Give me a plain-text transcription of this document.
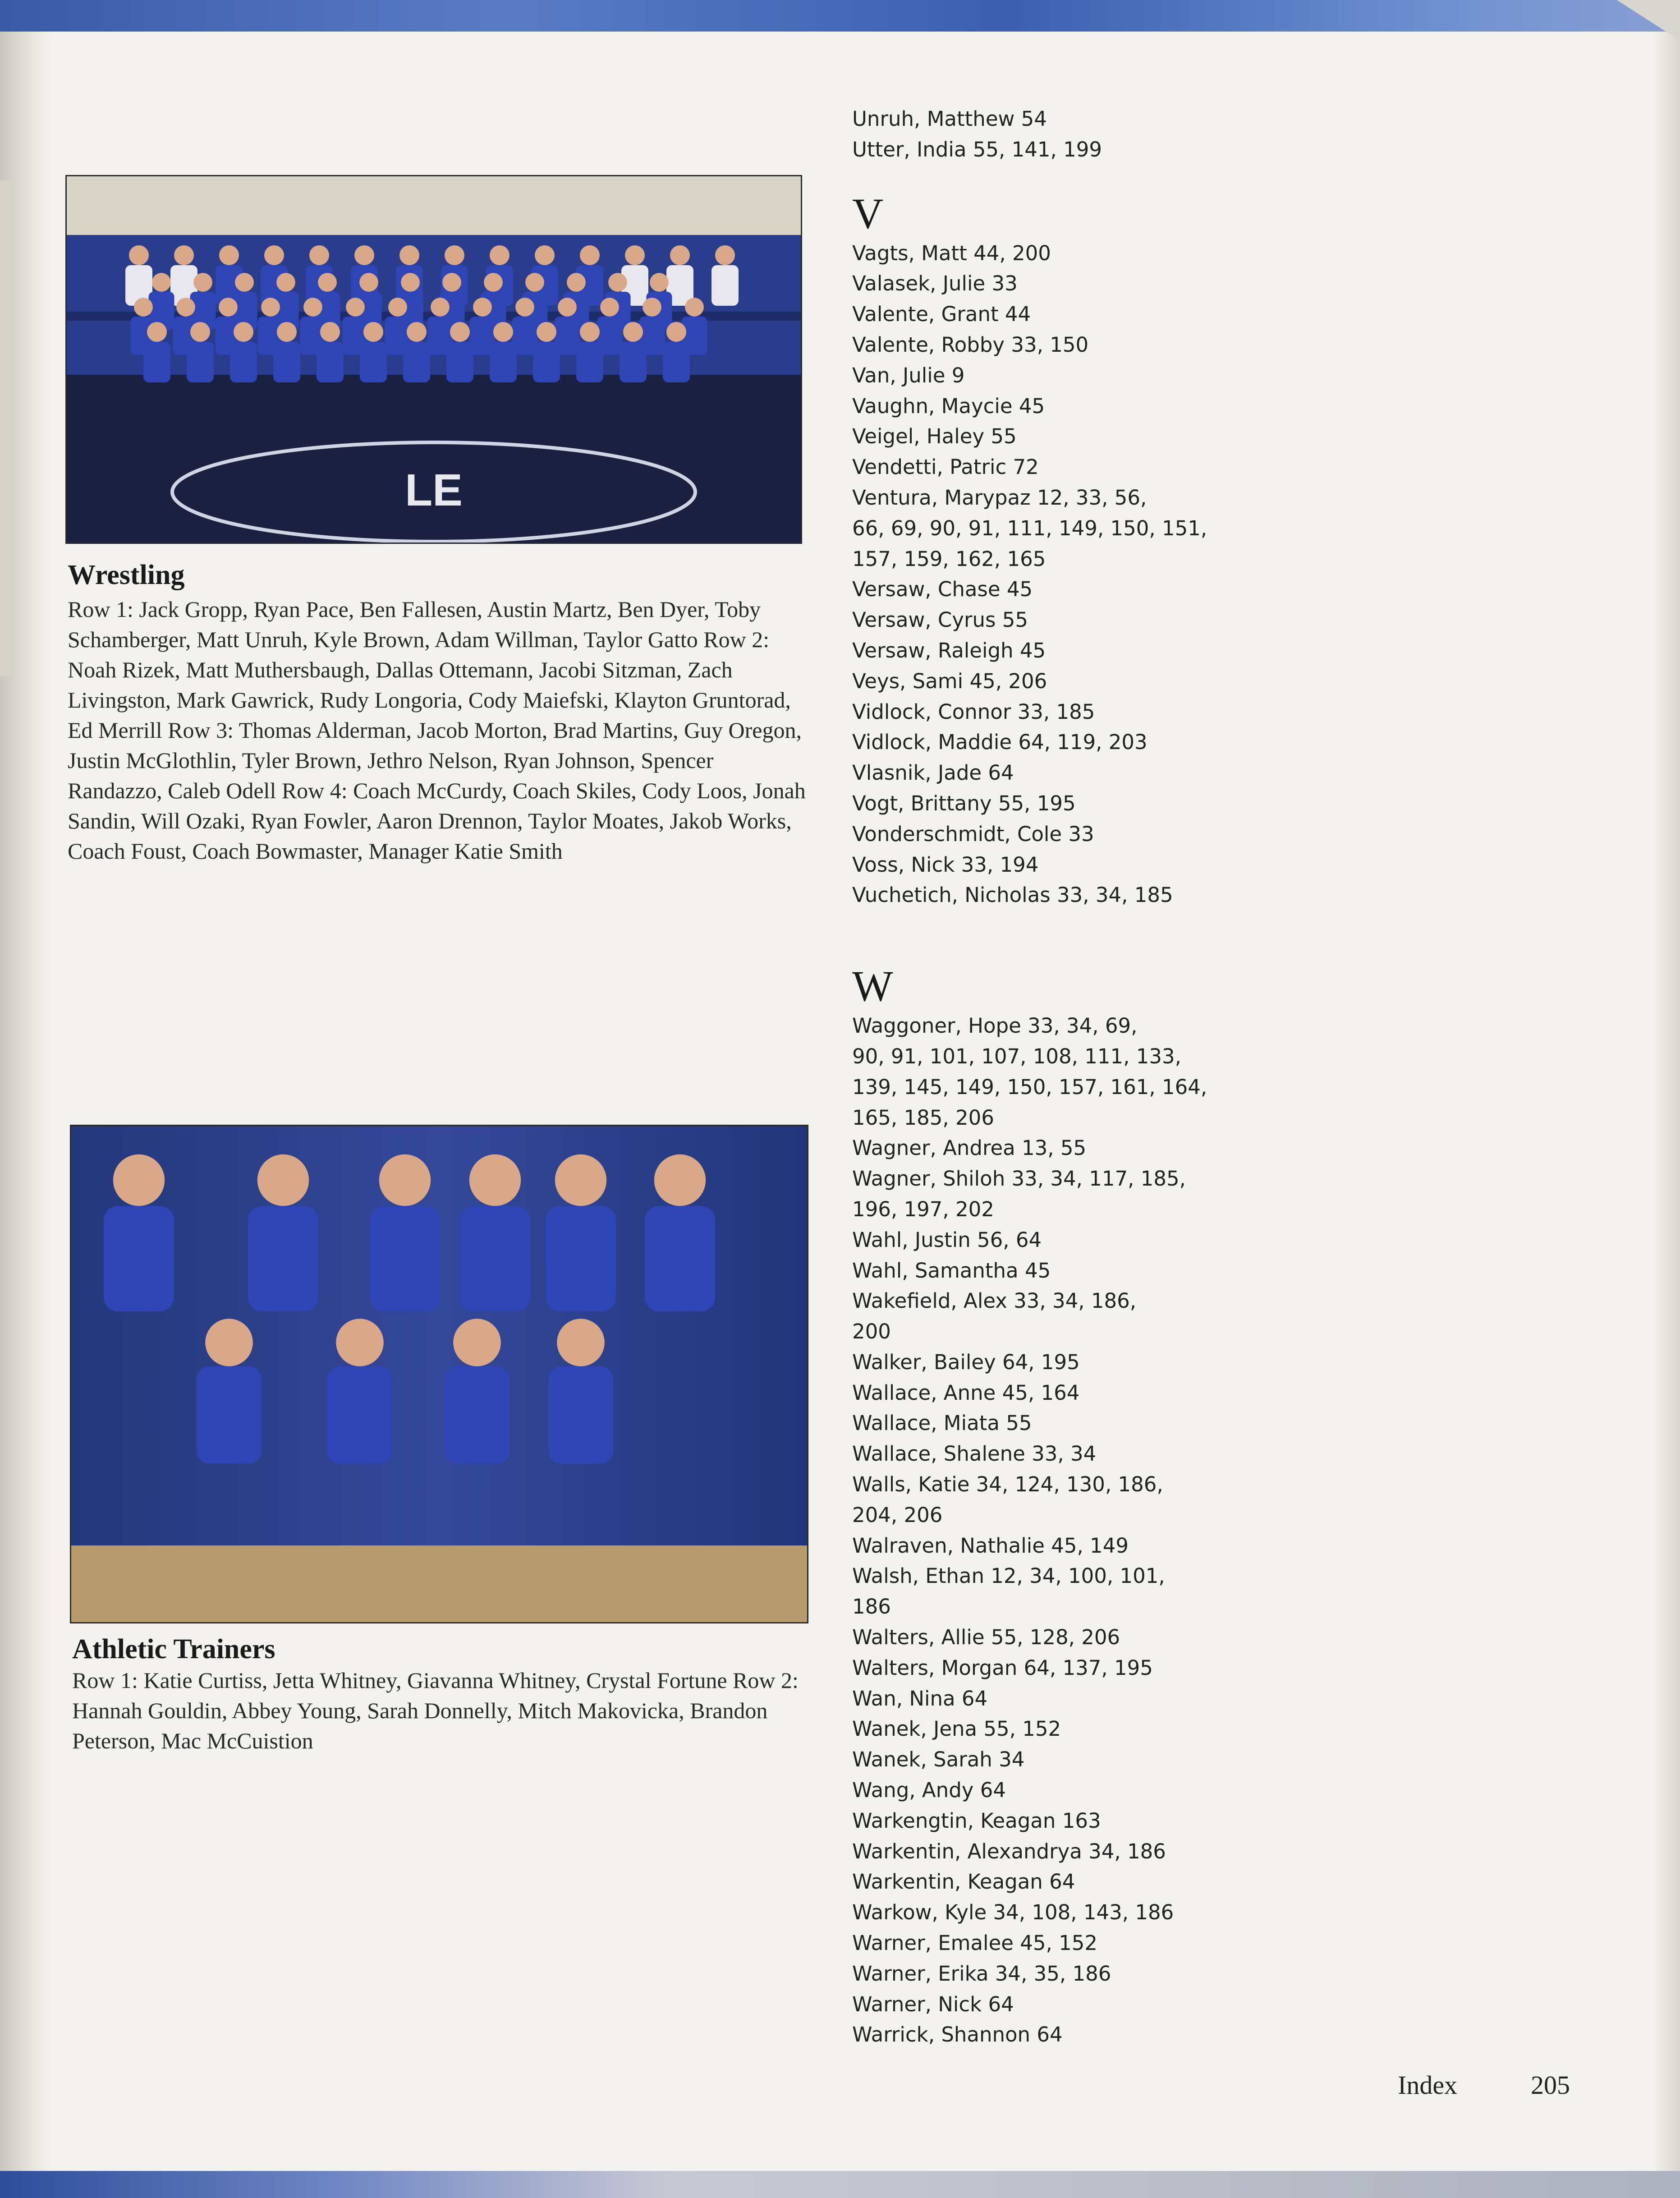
LE
Wrestling
Row 1: Jack Gropp, Ryan Pace, Ben Fallesen, Austin Martz, Ben Dyer, Toby Schamberger, Matt Unruh, Kyle Brown, Adam Willman, Taylor Gatto Row 2: Noah Rizek, Matt Muthersbaugh, Dallas Ottemann, Jacobi Sitzman, Zach Livingston, Mark Gawrick, Rudy Longoria, Cody Maiefski, Klayton Gruntorad, Ed Merrill Row 3: Thomas Alderman, Jacob Morton, Brad Martins, Guy Oregon, Justin McGlothlin, Tyler Brown, Jethro Nelson, Ryan Johnson, Spencer Randazzo, Caleb Odell Row 4: Coach McCurdy, Coach Skiles, Cody Loos, Jonah Sandin, Will Ozaki, Ryan Fowler, Aaron Drennon, Taylor Moates, Jakob Works, Coach Foust, Coach Bowmaster, Manager Katie Smith
Athletic Trainers
Row 1: Katie Curtiss, Jetta Whitney, Giavanna Whitney, Crystal Fortune Row 2: Hannah Gouldin, Abbey Young, Sarah Donnelly, Mitch Makovicka, Brandon Peterson, Mac McCuistion
Unruh, Matthew 54
Utter, India 55, 141, 199
V
Vagts, Matt 44, 200
Valasek, Julie 33
Valente, Grant 44
Valente, Robby 33, 150
Van, Julie 9
Vaughn, Maycie 45
Veigel, Haley 55
Vendetti, Patric 72
Ventura, Marypaz 12, 33, 56,
66, 69, 90, 91, 111, 149, 150, 151,
157, 159, 162, 165
Versaw, Chase 45
Versaw, Cyrus 55
Versaw, Raleigh 45
Veys, Sami 45, 206
Vidlock, Connor 33, 185
Vidlock, Maddie 64, 119, 203
Vlasnik, Jade 64
Vogt, Brittany 55, 195
Vonderschmidt, Cole 33
Voss, Nick 33, 194
Vuchetich, Nicholas 33, 34, 185
W
Waggoner, Hope 33, 34, 69,
90, 91, 101, 107, 108, 111, 133,
139, 145, 149, 150, 157, 161, 164,
165, 185, 206
Wagner, Andrea 13, 55
Wagner, Shiloh 33, 34, 117, 185,
196, 197, 202
Wahl, Justin 56, 64
Wahl, Samantha 45
Wakefield, Alex 33, 34, 186,
200
Walker, Bailey 64, 195
Wallace, Anne 45, 164
Wallace, Miata 55
Wallace, Shalene 33, 34
Walls, Katie 34, 124, 130, 186,
204, 206
Walraven, Nathalie 45, 149
Walsh, Ethan 12, 34, 100, 101,
186
Walters, Allie 55, 128, 206
Walters, Morgan 64, 137, 195
Wan, Nina 64
Wanek, Jena 55, 152
Wanek, Sarah 34
Wang, Andy 64
Warkengtin, Keagan 163
Warkentin, Alexandrya 34, 186
Warkentin, Keagan 64
Warkow, Kyle 34, 108, 143, 186
Warner, Emalee 45, 152
Warner, Erika 34, 35, 186
Warner, Nick 64
Warrick, Shannon 64
Index	205
